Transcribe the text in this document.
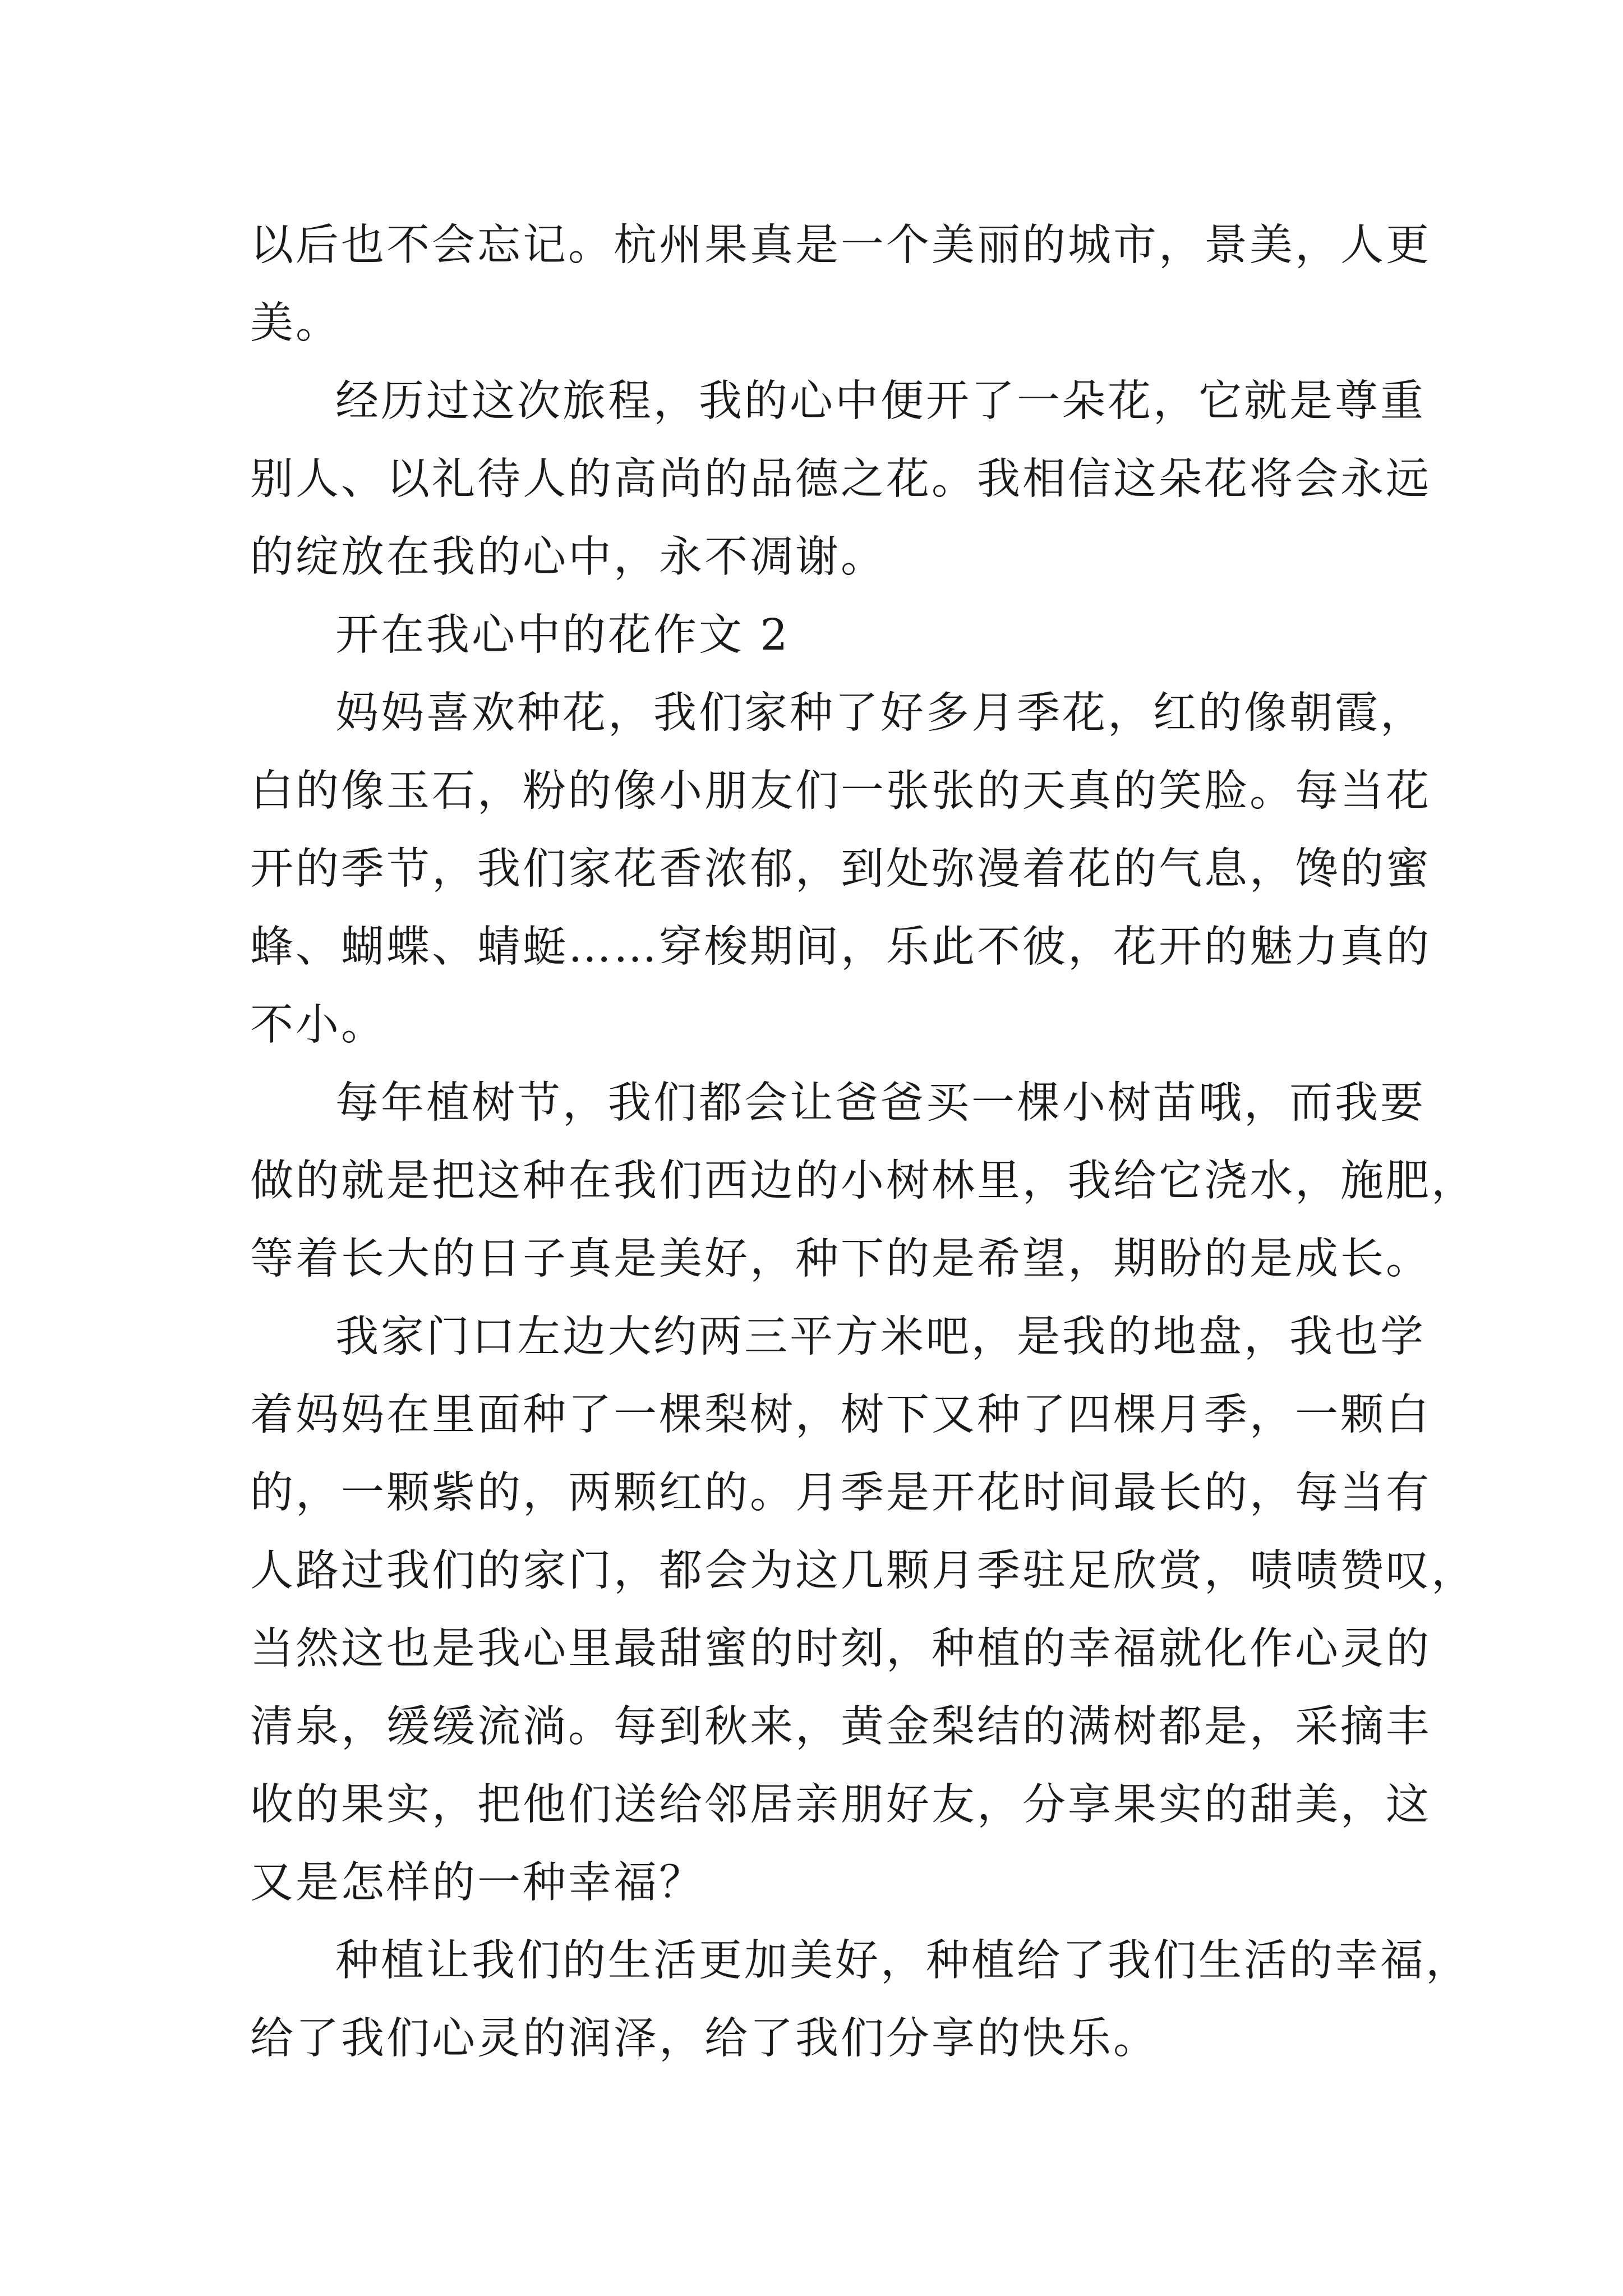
以后也不会忘记。杭州果真是一个美丽的城市，景美，人更
美。
经历过这次旅程，我的心中便开了一朵花，它就是尊重
别人、以礼待人的高尚的品德之花。我相信这朵花将会永远
的绽放在我的心中，永不凋谢。
开在我心中的花作文 2
妈妈喜欢种花，我们家种了好多月季花，红的像朝霞，
白的像玉石，粉的像小朋友们一张张的天真的笑脸。每当花
开的季节，我们家花香浓郁，到处弥漫着花的气息，馋的蜜
蜂、蝴蝶、蜻蜓……穿梭期间，乐此不彼，花开的魅力真的
不小。
每年植树节，我们都会让爸爸买一棵小树苗哦，而我要
做的就是把这种在我们西边的小树林里，我给它浇水，施肥，
等着长大的日子真是美好，种下的是希望，期盼的是成长。
我家门口左边大约两三平方米吧，是我的地盘，我也学
着妈妈在里面种了一棵梨树，树下又种了四棵月季，一颗白
的，一颗紫的，两颗红的。月季是开花时间最长的，每当有
人路过我们的家门，都会为这几颗月季驻足欣赏，啧啧赞叹，
当然这也是我心里最甜蜜的时刻，种植的幸福就化作心灵的
清泉，缓缓流淌。每到秋来，黄金梨结的满树都是，采摘丰
收的果实，把他们送给邻居亲朋好友，分享果实的甜美，这
又是怎样的一种幸福？
种植让我们的生活更加美好，种植给了我们生活的幸福，
给了我们心灵的润泽，给了我们分享的快乐。
